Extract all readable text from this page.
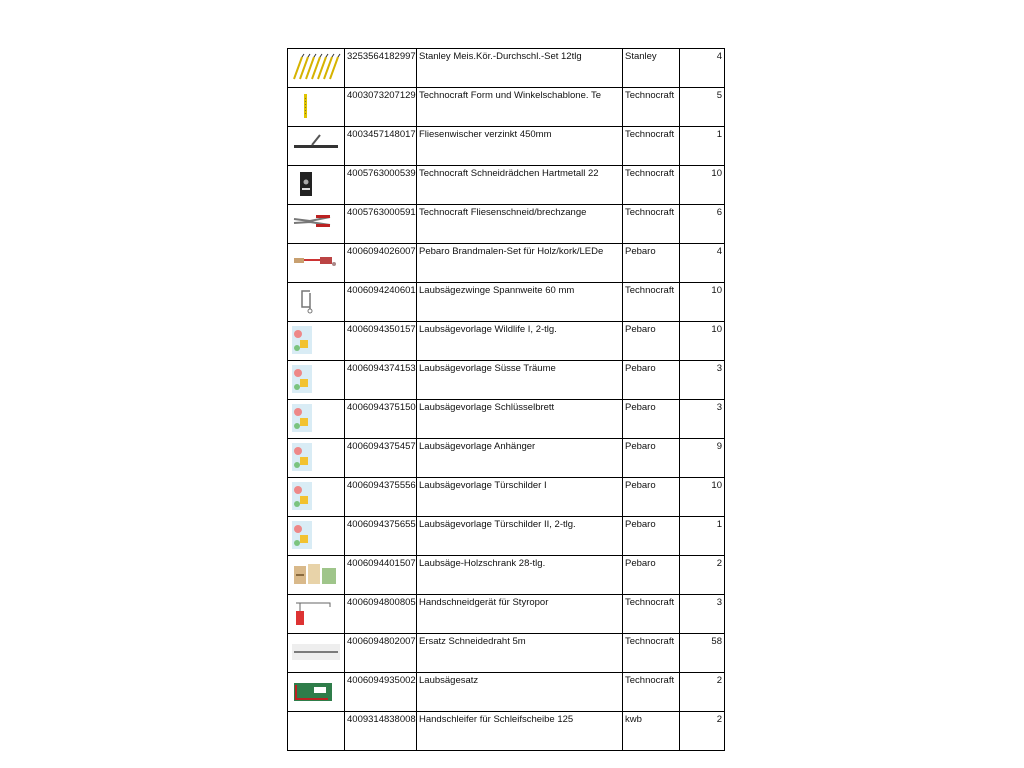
	3253564182997	Stanley Meis.Kör.-Durchschl.-Set 12tlg	Stanley	4

	4003073207129	Technocraft Form und Winkelschablone. Te	Technocraft	5

	4003457148017	Fliesenwischer verzinkt 450mm	Technocraft	1

	4005763000539	Technocraft Schneidrädchen Hartmetall 22	Technocraft	10

	4005763000591	Technocraft Fliesenschneid/brechzange	Technocraft	6

	4006094026007	Pebaro Brandmalen-Set für Holz/kork/LEDe	Pebaro	4

	4006094240601	Laubsägezwinge Spannweite 60 mm	Technocraft	10

	4006094350157	Laubsägevorlage Wildlife I, 2-tlg.	Pebaro	10

	4006094374153	Laubsägevorlage Süsse Träume	Pebaro	3

	4006094375150	Laubsägevorlage Schlüsselbrett	Pebaro	3

	4006094375457	Laubsägevorlage Anhänger	Pebaro	9

	4006094375556	Laubsägevorlage Türschilder I	Pebaro	10

	4006094375655	Laubsägevorlage Türschilder II, 2-tlg.	Pebaro	1

	4006094401507	Laubsäge-Holzschrank 28-tlg.	Pebaro	2

	4006094800805	Handschneidgerät für Styropor	Technocraft	3

	4006094802007	Ersatz Schneidedraht 5m	Technocraft	58

	4006094935002	Laubsägesatz	Technocraft	2
	4009314838008	Handschleifer für Schleifscheibe 125	kwb	2
